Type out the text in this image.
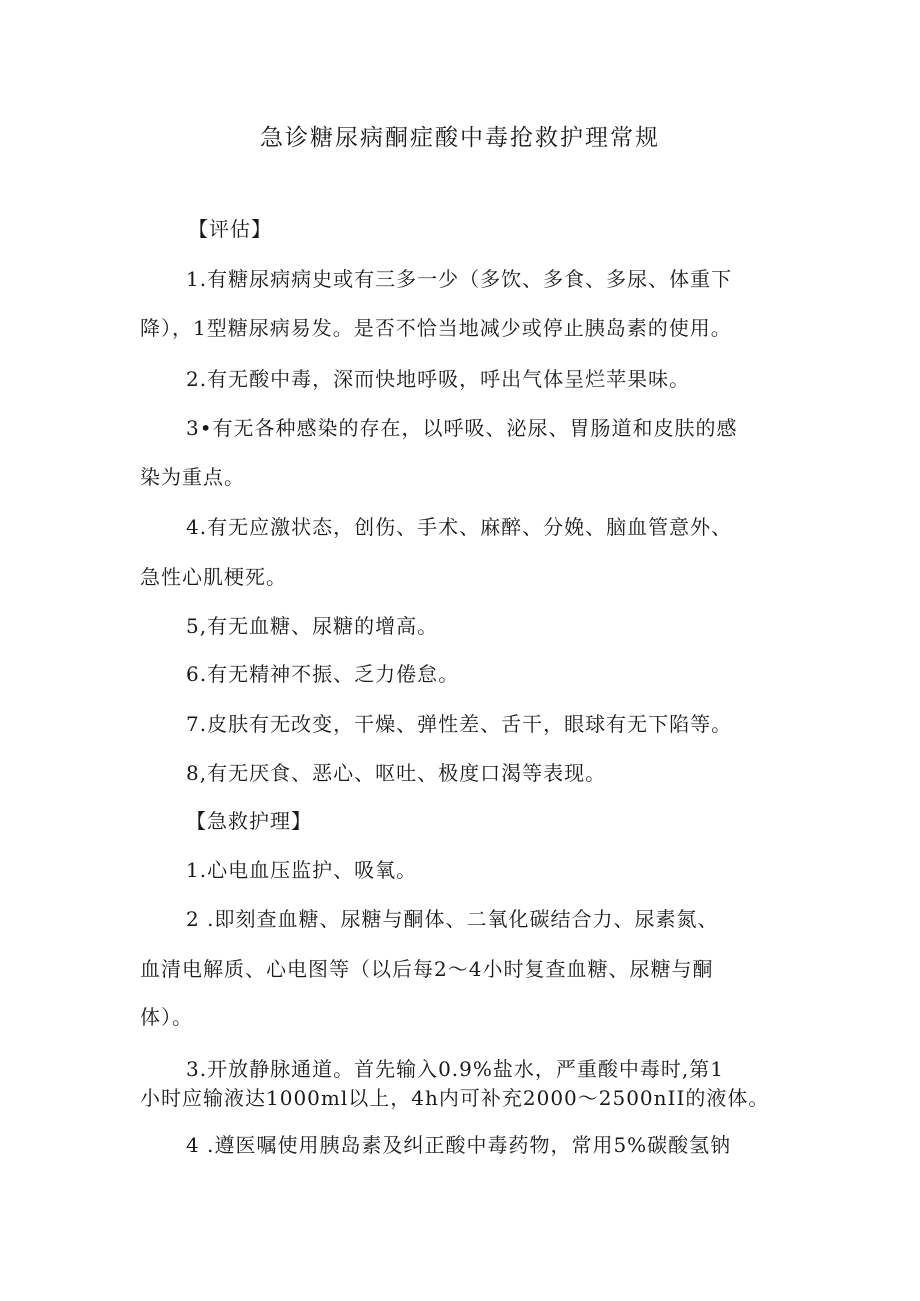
急诊糖尿病酮症酸中毒抢救护理常规
【评估】
1.有糖尿病病史或有三多一少（多饮、多食、多尿、体重下
降），1型糖尿病易发。是否不恰当地减少或停止胰岛素的使用。
2.有无酸中毒，深而快地呼吸，呼出气体呈烂苹果味。
3•有无各种感染的存在，以呼吸、泌尿、胃肠道和皮肤的感
染为重点。
4.有无应激状态，创伤、手术、麻醉、分娩、脑血管意外、
急性心肌梗死。
5,有无血糖、尿糖的增高。
6.有无精神不振、乏力倦怠。
7.皮肤有无改变，干燥、弹性差、舌干，眼球有无下陷等。
8,有无厌食、恶心、呕吐、极度口渴等表现。
【急救护理】
1.心电血压监护、吸氧。
2 .即刻查血糖、尿糖与酮体、二氧化碳结合力、尿素氮、
血清电解质、心电图等（以后每2～4小时复查血糖、尿糖与酮
体）。
3.开放静脉通道。首先输入0.9%盐水，严重酸中毒时,第1
小时应输液达1000ml以上，4h内可补充2000～2500nII的液体。
4 .遵医嘱使用胰岛素及纠正酸中毒药物，常用5%碳酸氢钠
